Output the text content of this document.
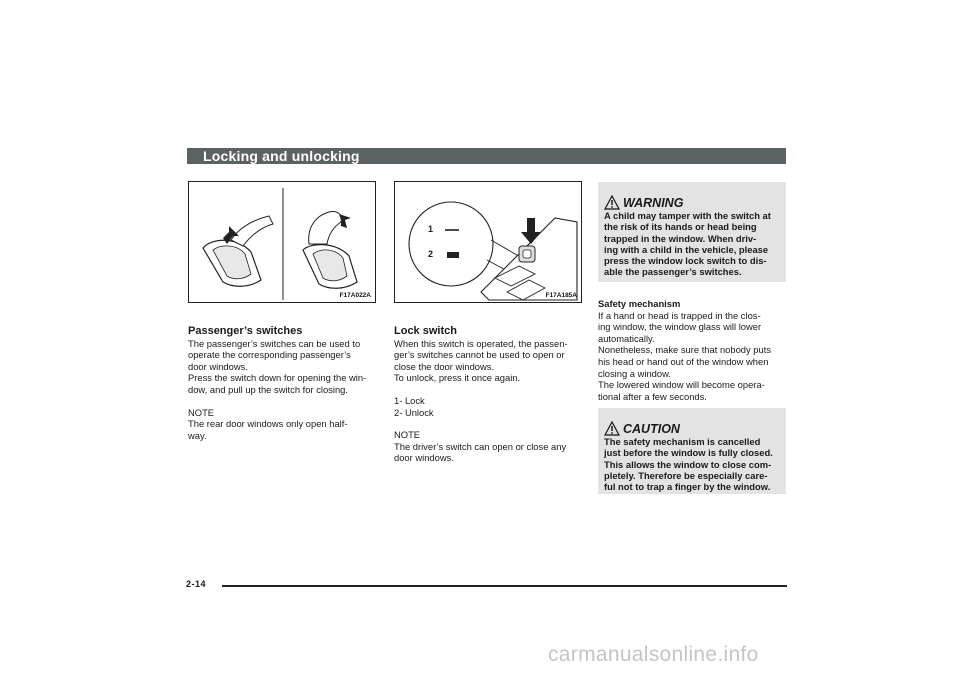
Locking and unlocking
F17A022A
1
2
F17A185A

Passenger’s switches

The passenger’s switches can be used to

operate the corresponding passenger’s

door windows.

Press the switch down for opening the win-

dow, and pull up the switch for closing.

NOTE

The rear door windows only open half-

way.

Lock switch

When this switch is operated, the passen-

ger’s switches cannot be used to open or

close the door windows.

To unlock, press it once again.

1- Lock

2- Unlock

NOTE

The driver’s switch can open or close any

door windows.

WARNING
A child may tamper with the switch at
the risk of its hands or head being
trapped in the window. When driv-
ing with a child in the vehicle, please
press the window lock switch to dis-
able the passenger’s switches.

Safety mechanism

If a hand or head is trapped in the clos-

ing window, the window glass will lower

automatically.

Nonetheless, make sure that nobody puts

his head or hand out of the window when

closing a window.

The lowered window will become opera-

tional after a few seconds.

CAUTION
The safety mechanism is cancelled
just before the window is fully closed.
This allows the window to close com-
pletely. Therefore be especially care-
ful not to trap a finger by the window.
2-14
carmanualsonline.info
